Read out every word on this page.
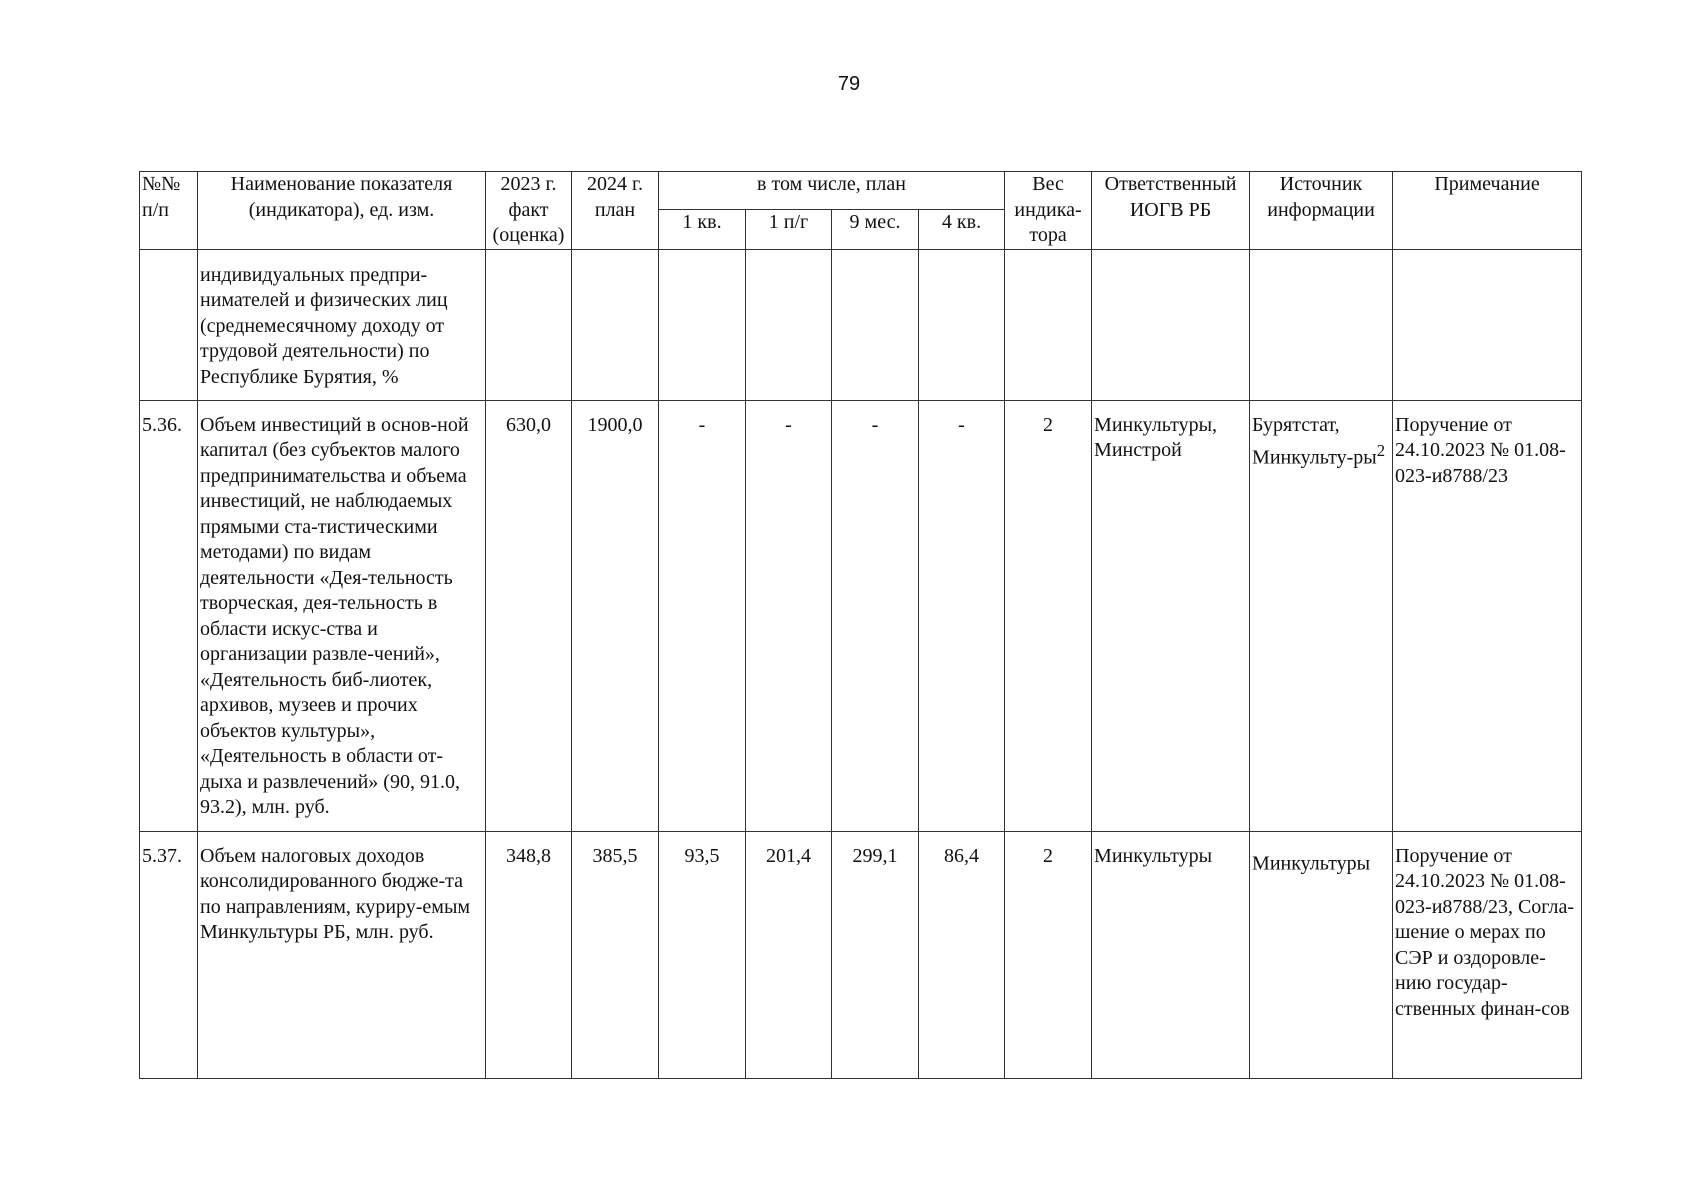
79
№№ п/п	Наименование показателя (индикатора), ед. изм.	2023 г. факт (оценка)	2024 г. план	в том числе, план				Вес индика-тора	Ответственный ИОГВ РБ	Источник информации	Примечание
				1 кв.	1 п/г	9 мес.	4 кв.				
	индивидуальных предпри-нимателей и физических лиц (среднемесячному доходу от трудовой деятельности) по Республике Бурятия, %										
5.36.	Объем инвестиций в основ-ной капитал (без субъектов малого предпринимательства и объема инвестиций, не наблюдаемых прямыми ста-тистическими методами) по видам деятельности «Дея-тельность творческая, дея-тельность в области искус-ства и организации развле-чений», «Деятельность биб-лиотек, архивов, музеев и прочих объектов культуры», «Деятельность в области от-дыха и развлечений» (90, 91.0, 93.2), млн. руб.	630,0	1900,0	-	-	-	-	2	Минкультуры, Минстрой	Бурятстат, Минкульту-$ры^2$	Поручение от 24.10.2023 № 01.08-023-и8788/23
5.37.	Объем налоговых доходов консолидированного бюдже-та по направлениям, куриру-емым Минкультуры РБ, млн. руб.	348,8	385,5	93,5	201,4	299,1	86,4	2	Минкультуры	Минкультуры	Поручение от 24.10.2023 № 01.08-023-и8788/23, Согла-шение о мерах по СЭР и оздоровле-нию государ-ственных финан-сов
